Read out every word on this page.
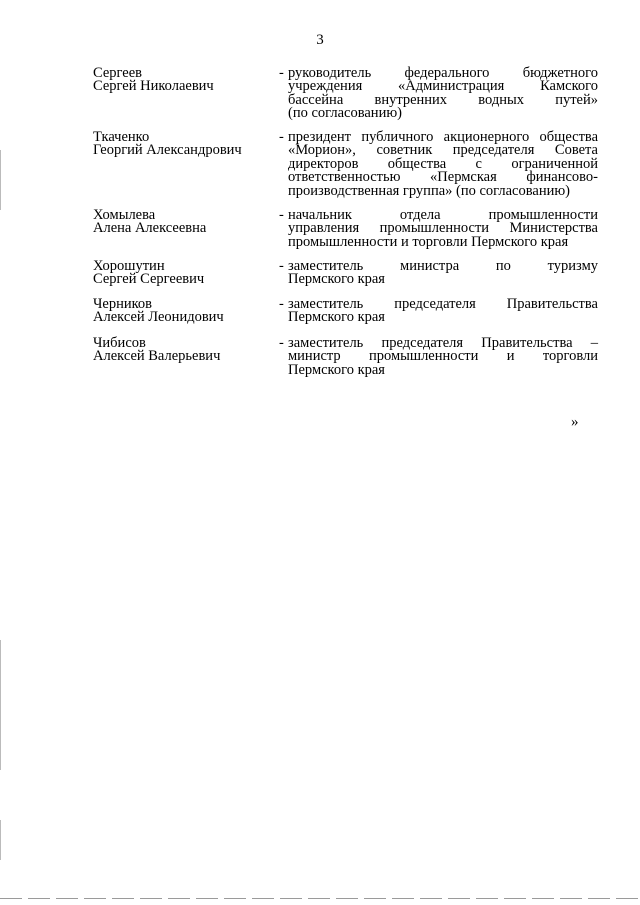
3
Сергеев
Сергей Николаевич
- руководитель федерального бюджетного
учреждения «Администрация Камского
бассейна внутренних водных путей»
(по согласованию)
Ткаченко
Георгий Александрович
- президент публичного акционерного общества
«Морион», советник председателя Совета
директоров общества с ограниченной
ответственностью «Пермская финансово-
производственная группа» (по согласованию)
Хомылева
Алена Алексеевна
- начальник отдела промышленности
управления промышленности Министерства
промышленности и торговли Пермского края
Хорошутин
Сергей Сергеевич
- заместитель министра по туризму
Пермского края
Черников
Алексей Леонидович
- заместитель председателя Правительства
Пермского края
Чибисов
Алексей Валерьевич
- заместитель председателя Правительства –
министр промышленности и торговли
Пермского края
»
